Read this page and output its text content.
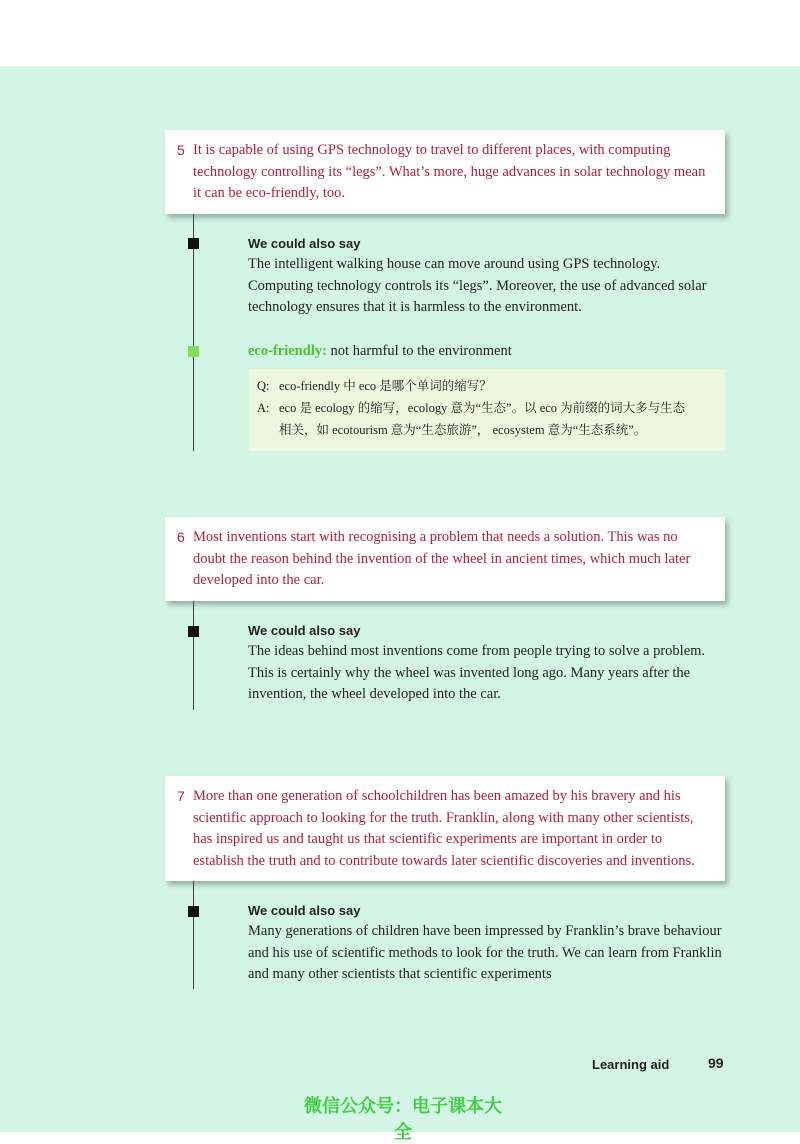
5 It is capable of using GPS technology to travel to different places, with computing technology controlling its “legs”. What’s more, huge advances in solar technology mean it can be eco-friendly, too.
We could also say
The intelligent walking house can move around using GPS technology. Computing technology controls its “legs”. Moreover, the use of advanced solar technology ensures that it is harmless to the environment.
eco-friendly: not harmful to the environment
Q: eco-friendly 中 eco 是哪个单词的缩写？
A: eco 是 ecology 的缩写，ecology 意为“生态”。以 eco 为前缀的词大多与生态
相关，如 ecotourism 意为“生态旅游”， ecosystem 意为“生态系统”。
6 Most inventions start with recognising a problem that needs a solution. This was no doubt the reason behind the invention of the wheel in ancient times, which much later developed into the car.
We could also say
The ideas behind most inventions come from people trying to solve a problem. This is certainly why the wheel was invented long ago. Many years after the invention, the wheel developed into the car.
7 More than one generation of schoolchildren has been amazed by his bravery and his scientific approach to looking for the truth. Franklin, along with many other scientists, has inspired us and taught us that scientific experiments are important in order to establish the truth and to contribute towards later scientific discoveries and inventions.
We could also say
Many generations of children have been impressed by Franklin’s brave behaviour and his use of scientific methods to look for the truth. We can learn from Franklin and many other scientists that scientific experiments
Learning aid	99
微信公众号：电子课本大全
